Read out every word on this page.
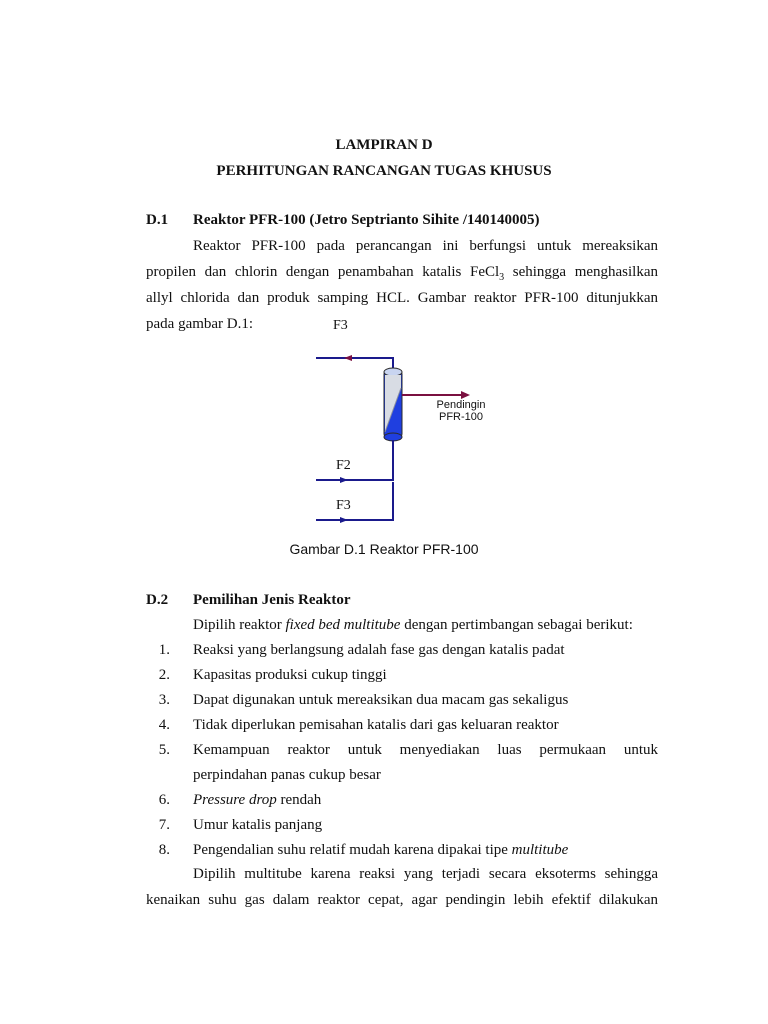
LAMPIRAN D
PERHITUNGAN RANCANGAN TUGAS KHUSUS
D.1 Reaktor PFR-100 (Jetro Septrianto Sihite /140140005)
Reaktor PFR-100 pada perancangan ini berfungsi untuk mereaksikan
propilen dan chlorin dengan penambahan katalis FeCl$_3$ sehingga menghasilkan
allyl chlorida dan produk samping HCL. Gambar reaktor PFR-100 ditunjukkan
pada gambar D.1:	F3
F2
F3
Pendingin
PFR-100
Gambar D.1 Reaktor PFR-100
D.2 Pemilihan Jenis Reaktor
Dipilih reaktor fixed bed multitube dengan pertimbangan sebagai berikut:
1. Reaksi yang berlangsung adalah fase gas dengan katalis padat
2. Kapasitas produksi cukup tinggi
3. Dapat digunakan untuk mereaksikan dua macam gas sekaligus
4. Tidak diperlukan pemisahan katalis dari gas keluaran reaktor
5. Kemampuan reaktor untuk menyediakan luas permukaan untuk
perpindahan panas cukup besar
6. Pressure drop rendah
7. Umur katalis panjang
8. Pengendalian suhu relatif mudah karena dipakai tipe multitube
Dipilih multitube karena reaksi yang terjadi secara eksoterms sehingga
kenaikan suhu gas dalam reaktor cepat, agar pendingin lebih efektif dilakukan
